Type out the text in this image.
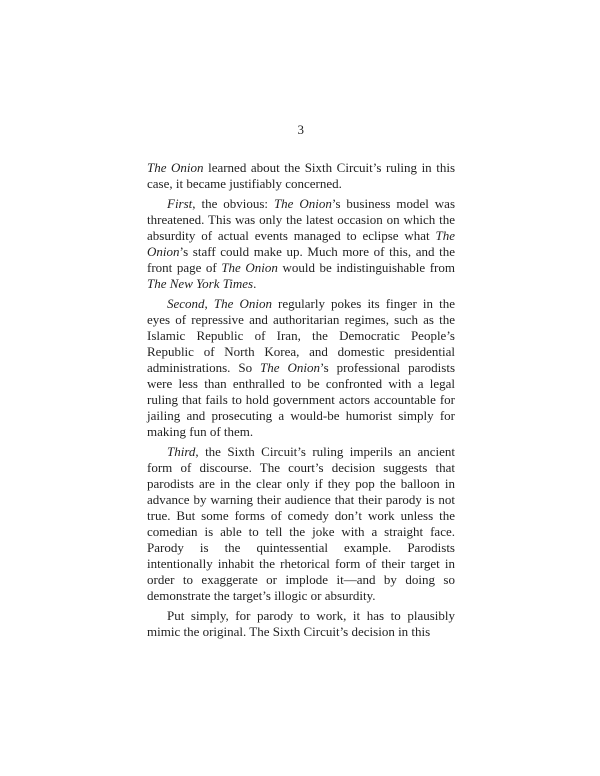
3

The Onion learned about the Sixth Circuit’s ruling in this case, it became justifiably concerned.

First, the obvious: The Onion’s business model was threatened. This was only the latest occasion on which the absurdity of actual events managed to eclipse what The Onion’s staff could make up. Much more of this, and the front page of The Onion would be indistinguishable from The New York Times.

Second, The Onion regularly pokes its finger in the eyes of repressive and authoritarian regimes, such as the Islamic Republic of Iran, the Democratic People’s Republic of North Korea, and domestic presidential administrations. So The Onion’s professional parodists were less than enthralled to be confronted with a legal ruling that fails to hold government actors accountable for jailing and prosecuting a would-be humorist simply for making fun of them.

Third, the Sixth Circuit’s ruling imperils an ancient form of discourse. The court’s decision suggests that parodists are in the clear only if they pop the balloon in advance by warning their audience that their parody is not true. But some forms of comedy don’t work unless the comedian is able to tell the joke with a straight face. Parody is the quintessential example. Parodists intentionally inhabit the rhetorical form of their target in order to exaggerate or implode it—and by doing so demonstrate the target’s illogic or absurdity.

Put simply, for parody to work, it has to plausibly mimic the original. The Sixth Circuit’s decision in this
